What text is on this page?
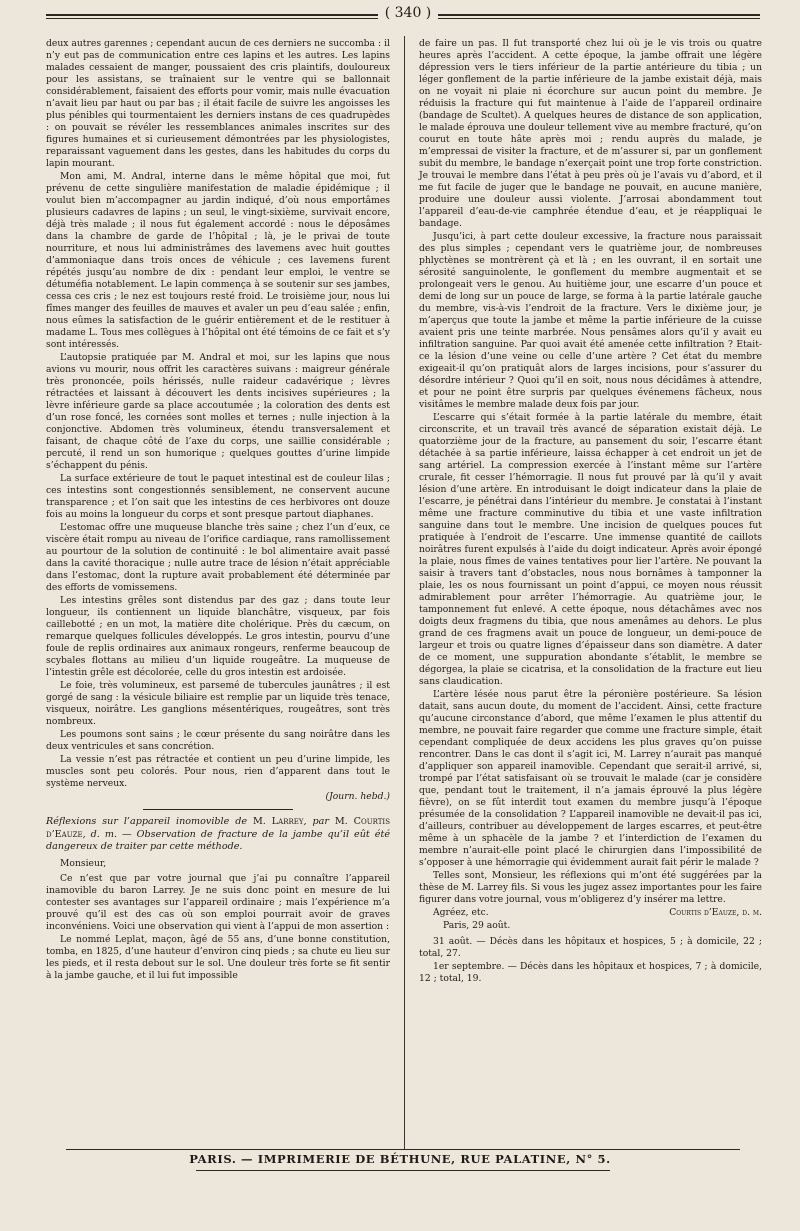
( 340 )

deux autres garennes ; cependant aucun de ces derniers ne succomba : il n’y eut pas de communication entre ces lapins et les autres. Les lapins malades cessaient de manger, poussaient des cris plaintifs, douloureux pour les assistans, se traînaient sur le ventre qui se ballonnait considérablement, faisaient des efforts pour vomir, mais nulle évacuation n’avait lieu par haut ou par bas ; il était facile de suivre les angoisses les plus pénibles qui tourmentaient les derniers instans de ces quadrupèdes : on pouvait se révéler les ressemblances animales inscrites sur des figures humaines et si curieusement démontrées par les physiologistes, reparaissant vaguement dans les gestes, dans les habitudes du corps du lapin mourant.

Mon ami, M. Andral, interne dans le même hôpital que moi, fut prévenu de cette singulière manifestation de maladie épidémique ; il voulut bien m’accompagner au jardin indiqué, d’où nous emportâmes plusieurs cadavres de lapins ; un seul, le vingt-sixième, survivait encore, déjà très malade ; il nous fut également accordé : nous le déposâmes dans la chambre de garde de l’hôpital ; là, je le privai de toute nourriture, et nous lui administrâmes des lavemens avec huit gouttes d’ammoniaque dans trois onces de véhicule ; ces lavemens furent répétés jusqu’au nombre de dix : pendant leur emploi, le ventre se détuméfia notablement. Le lapin commença à se soutenir sur ses jambes, cessa ces cris ; le nez est toujours resté froid. Le troisième jour, nous lui fîmes manger des feuilles de mauves et avaler un peu d’eau salée ; enfin, nous eûmes la satisfaction de le guérir entièrement et de le restituer à madame L. Tous mes collègues à l’hôpital ont été témoins de ce fait et s’y sont intéressés.

L’autopsie pratiquée par M. Andral et moi, sur les lapins que nous avions vu mourir, nous offrit les caractères suivans : maigreur générale très prononcée, poils hérissés, nulle raideur cadavérique ; lèvres rétractées et laissant à découvert les dents incisives supérieures ; la lèvre inférieure garde sa place accoutumée ; la coloration des dents est d’un rose foncé, les cornées sont molles et ternes ; nulle injection à la conjonctive. Abdomen très volumineux, étendu transversalement et faisant, de chaque côté de l’axe du corps, une saillie considérable ; percuté, il rend un son humorique ; quelques gouttes d’urine limpide s’échappent du pénis.

La surface extérieure de tout le paquet intestinal est de couleur lilas ; ces intestins sont congestionnés sensiblement, ne conservent aucune transparence ; et l’on sait que les intestins de ces herbivores ont douze fois au moins la longueur du corps et sont presque partout diaphanes.

L’estomac offre une muqueuse blanche très saine ; chez l’un d’eux, ce viscère était rompu au niveau de l’orifice cardiaque, rans ramollissement au pourtour de la solution de continuité : le bol alimentaire avait passé dans la cavité thoracique ; nulle autre trace de lésion n’était appréciable dans l’estomac, dont la rupture avait probablement été déterminée par des efforts de vomissemens.

Les intestins grêles sont distendus par des gaz ; dans toute leur longueur, ils contiennent un liquide blanchâtre, visqueux, par fois caillebotté ; en un mot, la matière dite cholérique. Près du cæcum, on remarque quelques follicules développés. Le gros intestin, pourvu d’une foule de replis ordinaires aux animaux rongeurs, renferme beaucoup de scybales flottans au milieu d’un liquide rougeâtre. La muqueuse de l’intestin grêle est décolorée, celle du gros intestin est ardoisée.

Le foie, très volumineux, est parsemé de tubercules jaunâtres ; il est gorgé de sang : la vésicule biliaire est remplie par un liquide très tenace, visqueux, noirâtre. Les ganglions mésentériques, rougeâtres, sont très nombreux.

Les poumons sont sains ; le cœur présente du sang noirâtre dans les deux ventricules et sans concrétion.

La vessie n’est pas rétractée et contient un peu d’urine limpide, les muscles sont peu colorés. Pour nous, rien d’apparent dans tout le système nerveux.

(Journ. hebd.)

Réflexions sur l’appareil inomovible de M. Larrey, par M. Courtis d’Eauze, d. m. — Observation de fracture de la jambe qu’il eût été dangereux de traiter par cette méthode.

Monsieur,

Ce n’est que par votre journal que j’ai pu connaître l’appareil inamovible du baron Larrey. Je ne suis donc point en mesure de lui contester ses avantages sur l’appareil ordinaire ; mais l’expérience m’a prouvé qu’il est des cas où son emploi pourrait avoir de graves inconvéniens. Voici une observation qui vient à l’appui de mon assertion :

Le nommé Leplat, maçon, âgé de 55 ans, d’une bonne constitution, tomba, en 1825, d’une hauteur d’environ cinq pieds ; sa chute eu lieu sur les pieds, et il resta debout sur le sol. Une douleur très forte se fit sentir à la jambe gauche, et il lui fut impossible

de faire un pas. Il fut transporté chez lui où je le vis trois ou quatre heures après l’accident. A cette époque, la jambe offrait une légère dépression vers le tiers inférieur de la partie antérieure du tibia ; un léger gonflement de la partie inférieure de la jambe existait déjà, mais on ne voyait ni plaie ni écorchure sur aucun point du membre. Je réduisis la fracture qui fut maintenue à l’aide de l’appareil ordinaire (bandage de Scultet). A quelques heures de distance de son application, le malade éprouva une douleur tellement vive au membre fracturé, qu’on courut en toute hâte après moi ; rendu auprès du malade, je m’empressai de visiter la fracture, et de m’assurer si, par un gonflement subit du membre, le bandage n’exerçait point une trop forte constriction. Je trouvai le membre dans l’état à peu près où je l’avais vu d’abord, et il me fut facile de juger que le bandage ne pouvait, en aucune manière, produire une douleur aussi violente. J’arrosai abondamment tout l’appareil d’eau-de-vie camphrée étendue d’eau, et je réappliquai le bandage.

Jusqu’ici, à part cette douleur excessive, la fracture nous paraissait des plus simples ; cependant vers le quatrième jour, de nombreuses phlyctènes se montrèrent çà et là ; en les ouvrant, il en sortait une sérosité sanguinolente, le gonflement du membre augmentait et se prolongeait vers le genou. Au huitième jour, une escarre d’un pouce et demi de long sur un pouce de large, se forma à la partie latérale gauche du membre, vis-à-vis l’endroit de la fracture. Vers le dixième jour, je m’aperçus que toute la jambe et même la partie inférieure de la cuisse avaient pris une teinte marbrée. Nous pensâmes alors qu’il y avait eu infiltration sanguine. Par quoi avait été amenée cette infiltration ? Etait-ce la lésion d’une veine ou celle d’une artère ? Cet état du membre exigeait-il qu’on pratiquât alors de larges incisions, pour s’assurer du désordre intérieur ? Quoi qu’il en soit, nous nous décidâmes à attendre, et pour ne point être surpris par quelques événemens fâcheux, nous visitâmes le membre malade deux fois par jour.

L’escarre qui s’était formée à la partie latérale du membre, était circonscrite, et un travail très avancé de séparation existait déjà. Le quatorzième jour de la fracture, au pansement du soir, l’escarre étant détachée à sa partie inférieure, laissa échapper à cet endroit un jet de sang artériel. La compression exercée à l’instant même sur l’artère crurale, fit cesser l’hémorragie. Il nous fut prouvé par là qu’il y avait lésion d’une artère. En introduisant le doigt indicateur dans la plaie de l’escarre, je pénétrai dans l’intérieur du membre. Je constatai à l’instant même une fracture comminutive du tibia et une vaste infiltration sanguine dans tout le membre. Une incision de quelques pouces fut pratiquée à l’endroit de l’escarre. Une immense quantité de caillots noirâtres furent expulsés à l’aide du doigt indicateur. Après avoir épongé la plaie, nous fîmes de vaines tentatives pour lier l’artère. Ne pouvant la saisir à travers tant d’obstacles, nous nous bornâmes à tamponner la plaie, les os nous fournissant un point d’appui, ce moyen nous réussit admirablement pour arrêter l’hémorragie. Au quatrième jour, le tamponnement fut enlevé. A cette époque, nous détachâmes avec nos doigts deux fragmens du tibia, que nous amenâmes au dehors. Le plus grand de ces fragmens avait un pouce de longueur, un demi-pouce de largeur et trois ou quatre lignes d’épaisseur dans son diamètre. A dater de ce moment, une suppuration abondante s’établit, le membre se dégorgea, la plaie se cicatrisa, et la consolidation de la fracture eut lieu sans claudication.

L’artère lésée nous parut être la péronière postérieure. Sa lésion datait, sans aucun doute, du moment de l’accident. Ainsi, cette fracture qu’aucune circonstance d’abord, que même l’examen le plus attentif du membre, ne pouvait faire regarder que comme une fracture simple, était cependant compliquée de deux accidens les plus graves qu’on puisse rencontrer. Dans le cas dont il s’agit ici, M. Larrey n’aurait pas manqué d’appliquer son appareil inamovible. Cependant que serait-il arrivé, si, trompé par l’état satisfaisant où se trouvait le malade (car je considère que, pendant tout le traitement, il n’a jamais éprouvé la plus légère fièvre), on se fût interdit tout examen du membre jusqu’à l’époque présumée de la consolidation ? L’appareil inamovible ne devait-il pas ici, d’ailleurs, contribuer au développement de larges escarres, et peut-être même à un sphacèle de la jambe ? et l’interdiction de l’examen du membre n’aurait-elle point placé le chirurgien dans l’impossibilité de s’opposer à une hémorragie qui évidemment aurait fait périr le malade ?

Telles sont, Monsieur, les réflexions qui m’ont été suggérées par la thèse de M. Larrey fils. Si vous les jugez assez importantes pour les faire figurer dans votre journal, vous m’obligerez d’y insérer ma lettre.

Agréez, etc.	Courtis d’Eauze, d. m.
Paris, 29 août.

31 août. — Décès dans les hôpitaux et hospices, 5 ; à domicile, 22 ; total, 27.

1er septembre. — Décès dans les hôpitaux et hospices, 7 ; à domicile, 12 ; total, 19.

PARIS. — IMPRIMERIE DE BÉTHUNE, RUE PALATINE, N° 5.
